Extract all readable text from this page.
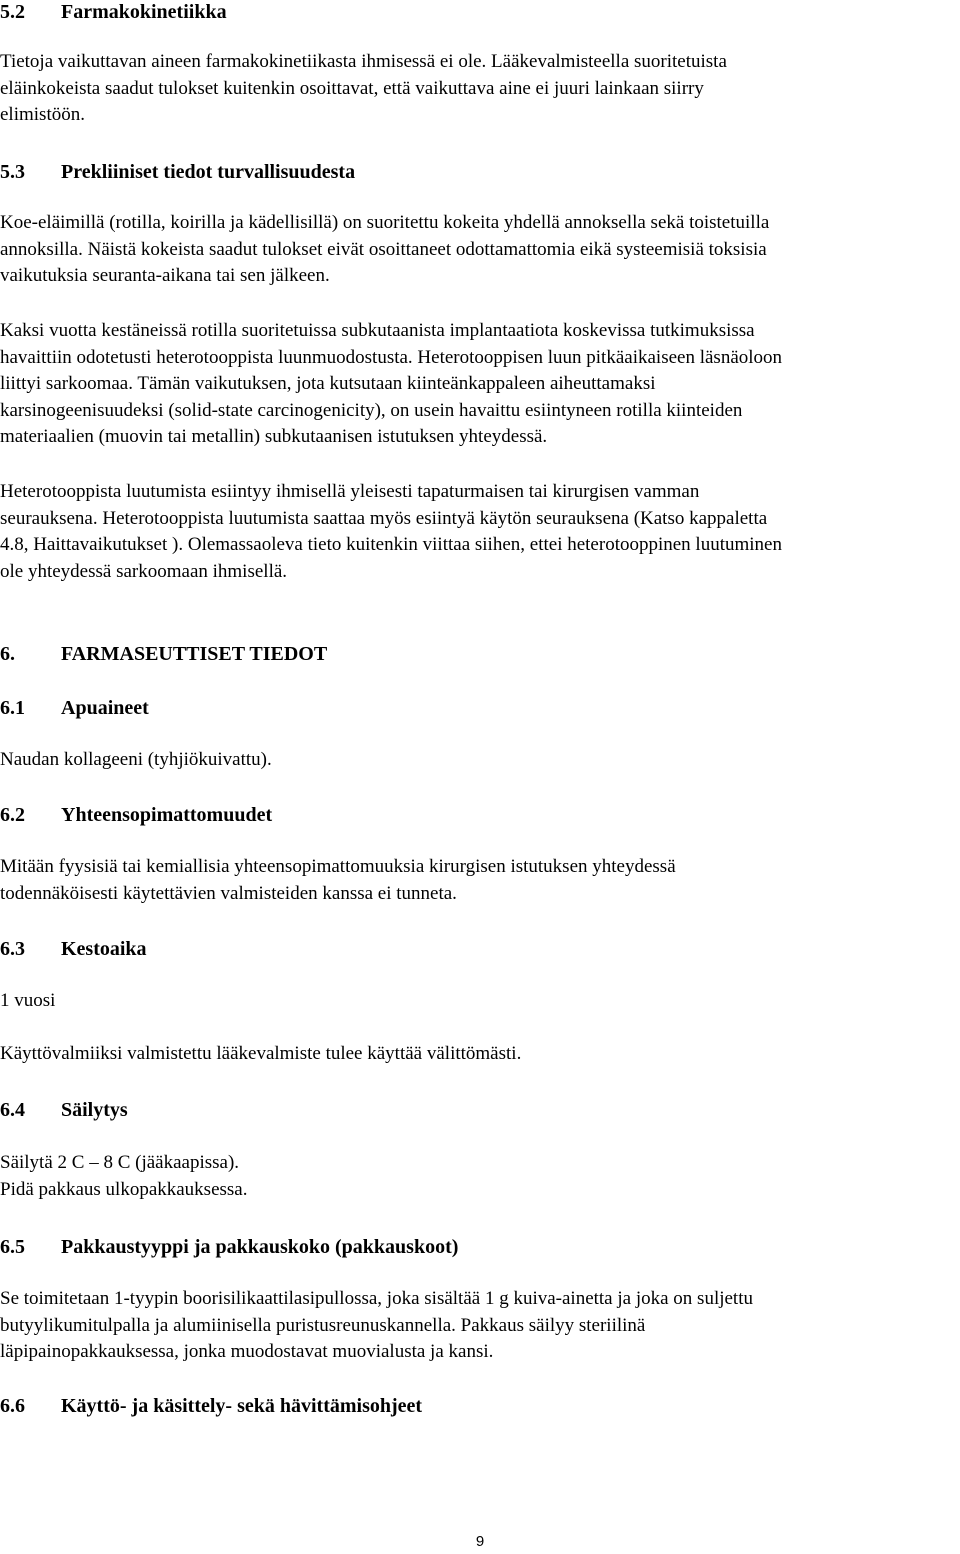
5.2 Farmakokinetiikka
Tietoja vaikuttavan aineen farmakokinetiikasta ihmisessä ei ole. Lääkevalmisteella suoritetuista
eläinkokeista saadut tulokset kuitenkin osoittavat, että vaikuttava aine ei juuri lainkaan siirry
elimistöön.
5.3 Prekliiniset tiedot turvallisuudesta
Koe-eläimillä (rotilla, koirilla ja kädellisillä) on suoritettu kokeita yhdellä annoksella sekä toistetuilla
annoksilla. Näistä kokeista saadut tulokset eivät osoittaneet odottamattomia eikä systeemisiä toksisia
vaikutuksia seuranta-aikana tai sen jälkeen.
Kaksi vuotta kestäneissä rotilla suoritetuissa subkutaanista implantaatiota koskevissa tutkimuksissa
havaittiin odotetusti heterotooppista luunmuodostusta. Heterotooppisen luun pitkäaikaiseen läsnäoloon
liittyi sarkoomaa. Tämän vaikutuksen, jota kutsutaan kiinteänkappaleen aiheuttamaksi
karsinogeenisuudeksi (solid-state carcinogenicity), on usein havaittu esiintyneen rotilla kiinteiden
materiaalien (muovin tai metallin) subkutaanisen istutuksen yhteydessä.
Heterotooppista luutumista esiintyy ihmisellä yleisesti tapaturmaisen tai kirurgisen vamman
seurauksena. Heterotooppista luutumista saattaa myös esiintyä käytön seurauksena (Katso kappaletta
4.8, Haittavaikutukset ). Olemassaoleva tieto kuitenkin viittaa siihen, ettei heterotooppinen luutuminen
ole yhteydessä sarkoomaan ihmisellä.
6. FARMASEUTTISET TIEDOT
6.1 Apuaineet
Naudan kollageeni (tyhjiökuivattu).
6.2 Yhteensopimattomuudet
Mitään fyysisiä tai kemiallisia yhteensopimattomuuksia kirurgisen istutuksen yhteydessä
todennäköisesti käytettävien valmisteiden kanssa ei tunneta.
6.3 Kestoaika
1 vuosi
Käyttövalmiiksi valmistettu lääkevalmiste tulee käyttää välittömästi.
6.4 Säilytys
Säilytä 2 C – 8 C (jääkaapissa).
Pidä pakkaus ulkopakkauksessa.
6.5 Pakkaustyyppi ja pakkauskoko (pakkauskoot)
Se toimitetaan 1-tyypin boorisilikaattilasipullossa, joka sisältää 1 g kuiva-ainetta ja joka on suljettu
butyylikumitulpalla ja alumiinisella puristusreunuskannella. Pakkaus säilyy steriilinä
läpipainopakkauksessa, jonka muodostavat muovialusta ja kansi.
6.6 Käyttö- ja käsittely- sekä hävittämisohjeet
9
